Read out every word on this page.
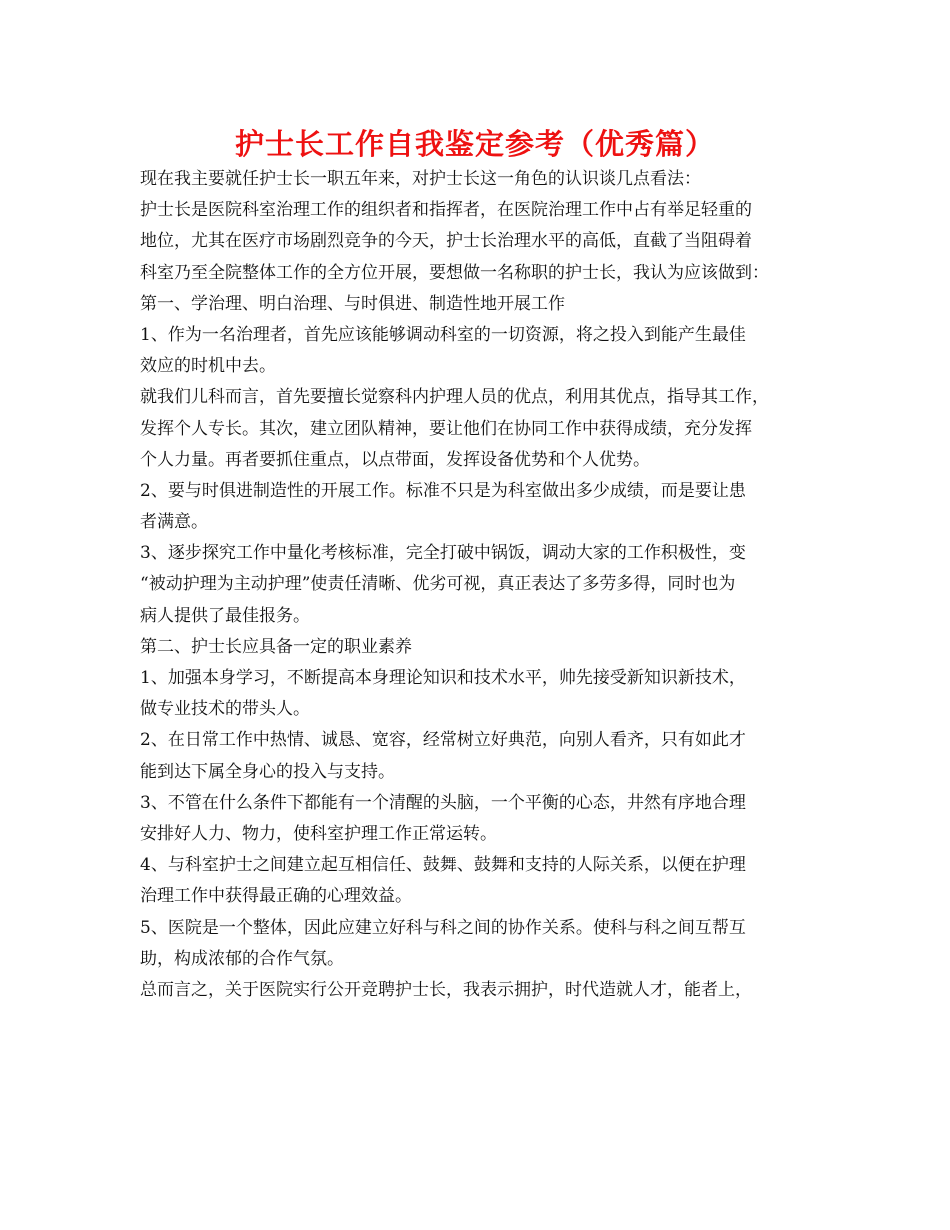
护士长工作自我鉴定参考（优秀篇）
现在我主要就任护士长一职五年来，对护士长这一角色的认识谈几点看法：
护士长是医院科室治理工作的组织者和指挥者，在医院治理工作中占有举足轻重的
地位，尤其在医疗市场剧烈竞争的今天，护士长治理水平的高低，直截了当阻碍着
科室乃至全院整体工作的全方位开展，要想做一名称职的护士长，我认为应该做到：
第一、学治理、明白治理、与时俱进、制造性地开展工作
1、作为一名治理者，首先应该能够调动科室的一切资源，将之投入到能产生最佳
效应的时机中去。
就我们儿科而言，首先要擅长觉察科内护理人员的优点，利用其优点，指导其工作，
发挥个人专长。其次，建立团队精神，要让他们在协同工作中获得成绩，充分发挥
个人力量。再者要抓住重点，以点带面，发挥设备优势和个人优势。
2、要与时俱进制造性的开展工作。标准不只是为科室做出多少成绩，而是要让患
者满意。
3、逐步探究工作中量化考核标准，完全打破中锅饭，调动大家的工作积极性，变
“被动护理为主动护理”使责任清晰、优劣可视，真正表达了多劳多得，同时也为
病人提供了最佳报务。
第二、护士长应具备一定的职业素养
1、加强本身学习，不断提高本身理论知识和技术水平，帅先接受新知识新技术，
做专业技术的带头人。
2、在日常工作中热情、诚恳、宽容，经常树立好典范，向别人看齐，只有如此才
能到达下属全身心的投入与支持。
3、不管在什么条件下都能有一个清醒的头脑，一个平衡的心态，井然有序地合理
安排好人力、物力，使科室护理工作正常运转。
4、与科室护士之间建立起互相信任、鼓舞、鼓舞和支持的人际关系，以便在护理
治理工作中获得最正确的心理效益。
5、医院是一个整体，因此应建立好科与科之间的协作关系。使科与科之间互帮互
助，构成浓郁的合作气氛。
总而言之，关于医院实行公开竞聘护士长，我表示拥护，时代造就人才，能者上，
